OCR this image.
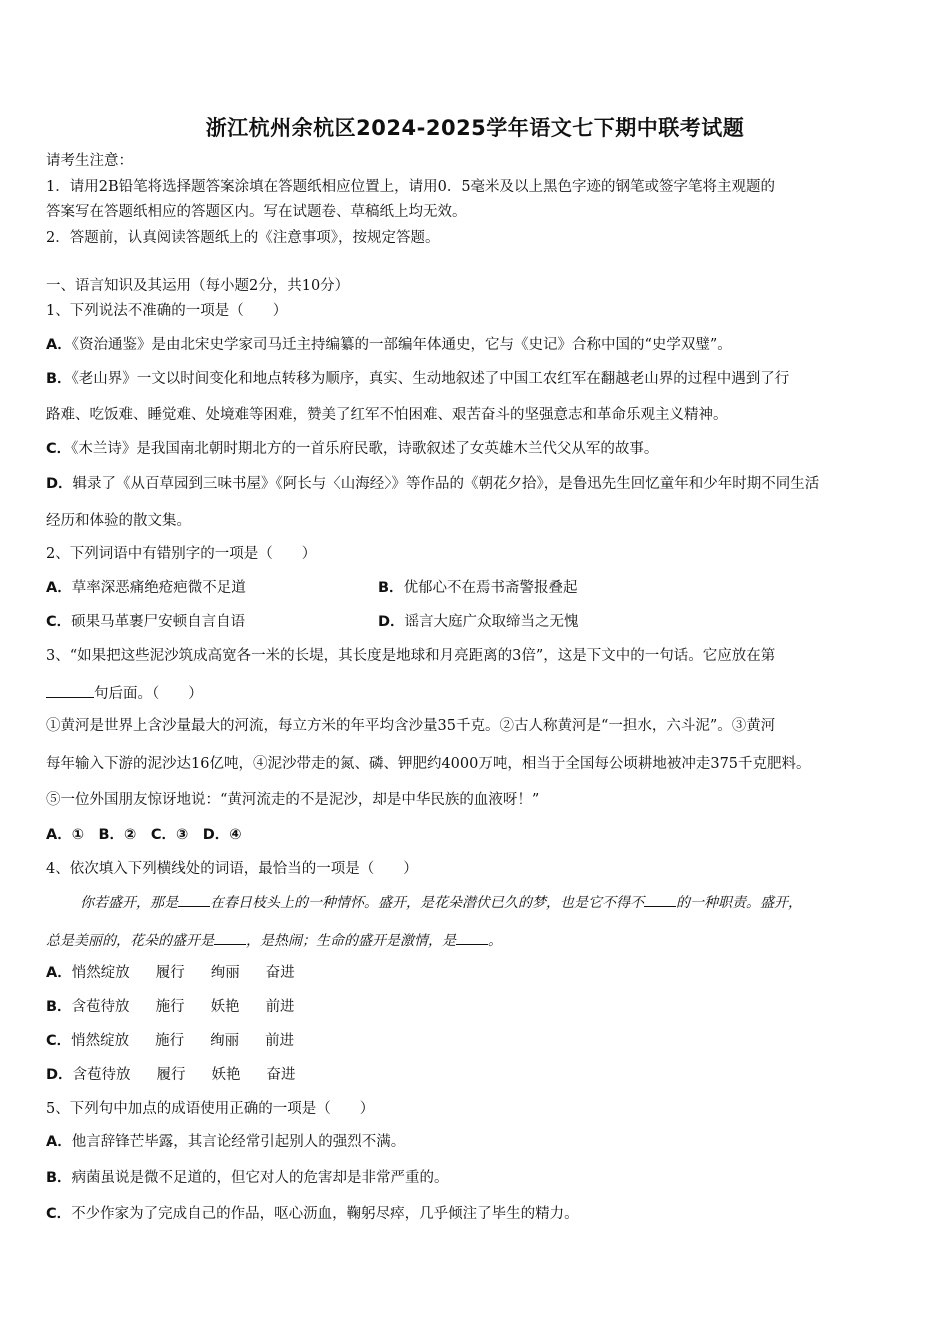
浙江杭州余杭区2024-2025学年语文七下期中联考试题
请考生注意：
1．请用2B铅笔将选择题答案涂填在答题纸相应位置上，请用0．5毫米及以上黑色字迹的钢笔或签字笔将主观题的
答案写在答题纸相应的答题区内。写在试题卷、草稿纸上均无效。
2．答题前，认真阅读答题纸上的《注意事项》，按规定答题。
一、语言知识及其运用（每小题2分，共10分）
1、下列说法不准确的一项是（　　）
A．《资治通鉴》是由北宋史学家司马迁主持编纂的一部编年体通史，它与《史记》合称中国的“史学双璧”。
B．《老山界》一文以时间变化和地点转移为顺序，真实、生动地叙述了中国工农红军在翻越老山界的过程中遇到了行
路难、吃饭难、睡觉难、处境难等困难，赞美了红军不怕困难、艰苦奋斗的坚强意志和革命乐观主义精神。
C．《木兰诗》是我国南北朝时期北方的一首乐府民歌，诗歌叙述了女英雄木兰代父从军的故事。
D．辑录了《从百草园到三味书屋》《阿长与〈山海经〉》等作品的《朝花夕拾》，是鲁迅先生回忆童年和少年时期不同生活
经历和体验的散文集。
2、下列词语中有错别字的一项是（　　）
A．草率深恶痛绝疮疤微不足道	B．优郁心不在焉书斋警报叠起
C．硕果马革裹尸安顿自言自语	D．谣言大庭广众取缔当之无愧
3、“如果把这些泥沙筑成高宽各一米的长堤，其长度是地球和月亮距离的3倍”，这是下文中的一句话。它应放在第
句后面。（　　）
①黄河是世界上含沙量最大的河流，每立方米的年平均含沙量35千克。②古人称黄河是“一担水，六斗泥”。③黄河
每年输入下游的泥沙达16亿吨，④泥沙带走的氮、磷、钾肥约4000万吨，相当于全国每公顷耕地被冲走375千克肥料。
⑤一位外国朋友惊讶地说：“黄河流走的不是泥沙，却是中华民族的血液呀！”
A．①　B．②　C．③　D．④
4、依次填入下列横线处的词语，最恰当的一项是（　　）
你若盛开，那是 在春日枝头上的一种情怀。盛开，是花朵潜伏已久的梦，也是它不得不 的一种职责。盛开，
总是美丽的，花朵的盛开是 ，是热闹；生命的盛开是激情，是 。
A．悄然绽放 履行 绚丽 奋进
B．含苞待放 施行 妖艳 前进
C．悄然绽放 施行 绚丽 前进
D．含苞待放 履行 妖艳 奋进
5、下列句中加点的成语使用正确的一项是（　　）
A．他言辞锋芒毕露，其言论经常引起别人的强烈不满。
B．病菌虽说是微不足道的，但它对人的危害却是非常严重的。
C．不少作家为了完成自己的作品，呕心沥血，鞠躬尽瘁，几乎倾注了毕生的精力。
